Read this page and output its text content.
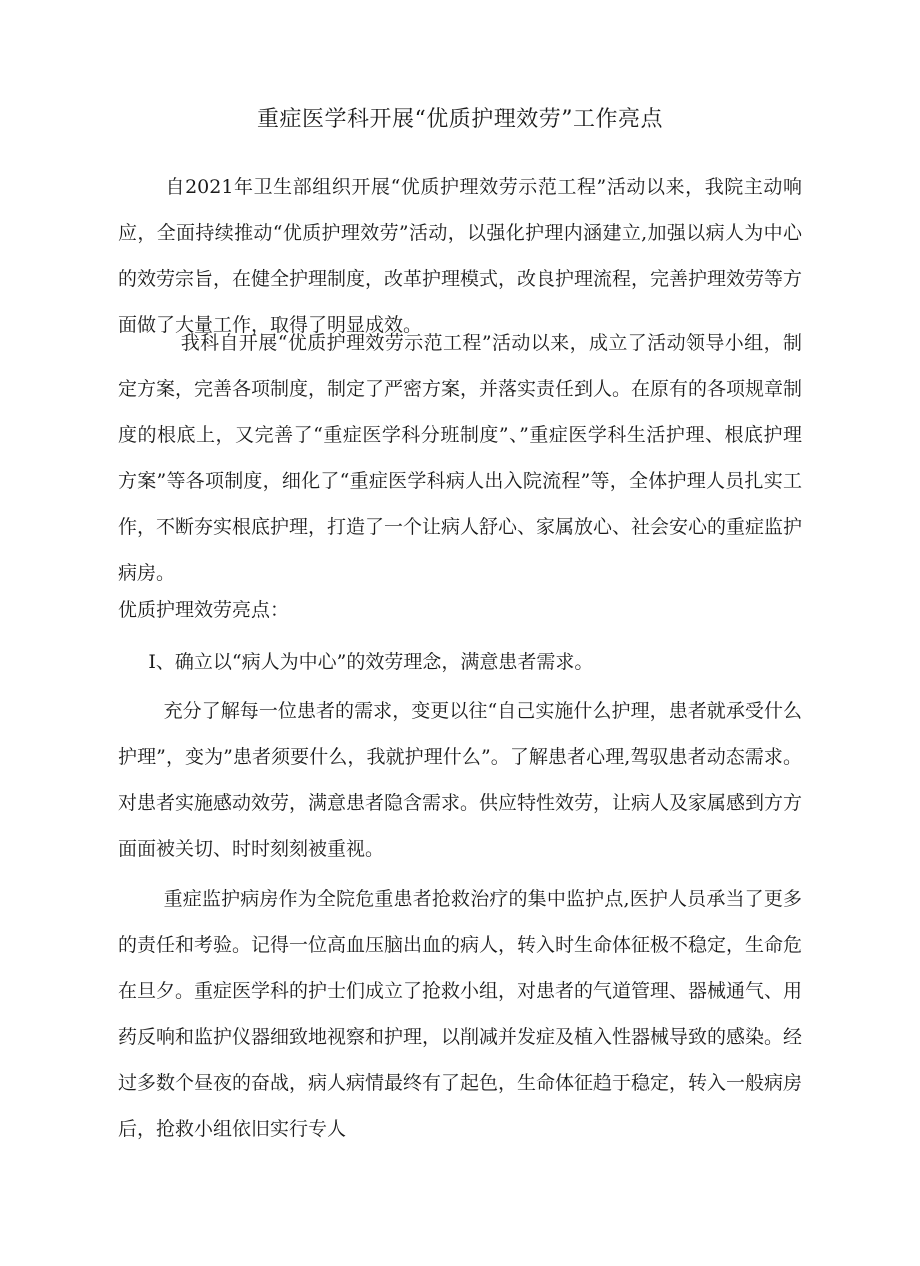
重症医学科开展“优质护理效劳”工作亮点

自2021年卫生部组织开展“优质护理效劳示范工程”活动以来，我院主动响应，全面持续推动“优质护理效劳”活动，以强化护理内涵建立,加强以病人为中心的效劳宗旨，在健全护理制度，改革护理模式，改良护理流程，完善护理效劳等方面做了大量工作，取得了明显成效。

我科自开展“优质护理效劳示范工程”活动以来，成立了活动领导小组，制定方案，完善各项制度，制定了严密方案，并落实责任到人。在原有的各项规章制度的根底上，又完善了“重症医学科分班制度”、”重症医学科生活护理、根底护理方案”等各项制度，细化了“重症医学科病人出入院流程”等，全体护理人员扎实工作，不断夯实根底护理，打造了一个让病人舒心、家属放心、社会安心的重症监护病房。

优质护理效劳亮点：

I、确立以“病人为中心”的效劳理念，满意患者需求。

充分了解每一位患者的需求，变更以往“自己实施什么护理，患者就承受什么护理”，变为”患者须要什么，我就护理什么”。了解患者心理,驾驭患者动态需求。对患者实施感动效劳，满意患者隐含需求。供应特性效劳，让病人及家属感到方方面面被关切、时时刻刻被重视。

重症监护病房作为全院危重患者抢救治疗的集中监护点,医护人员承当了更多的责任和考验。记得一位高血压脑出血的病人，转入时生命体征极不稳定，生命危在旦夕。重症医学科的护士们成立了抢救小组，对患者的气道管理、器械通气、用药反响和监护仪器细致地视察和护理，以削减并发症及植入性器械导致的感染。经过多数个昼夜的奋战，病人病情最终有了起色，生命体征趋于稳定，转入一般病房后，抢救小组依旧实行专人
